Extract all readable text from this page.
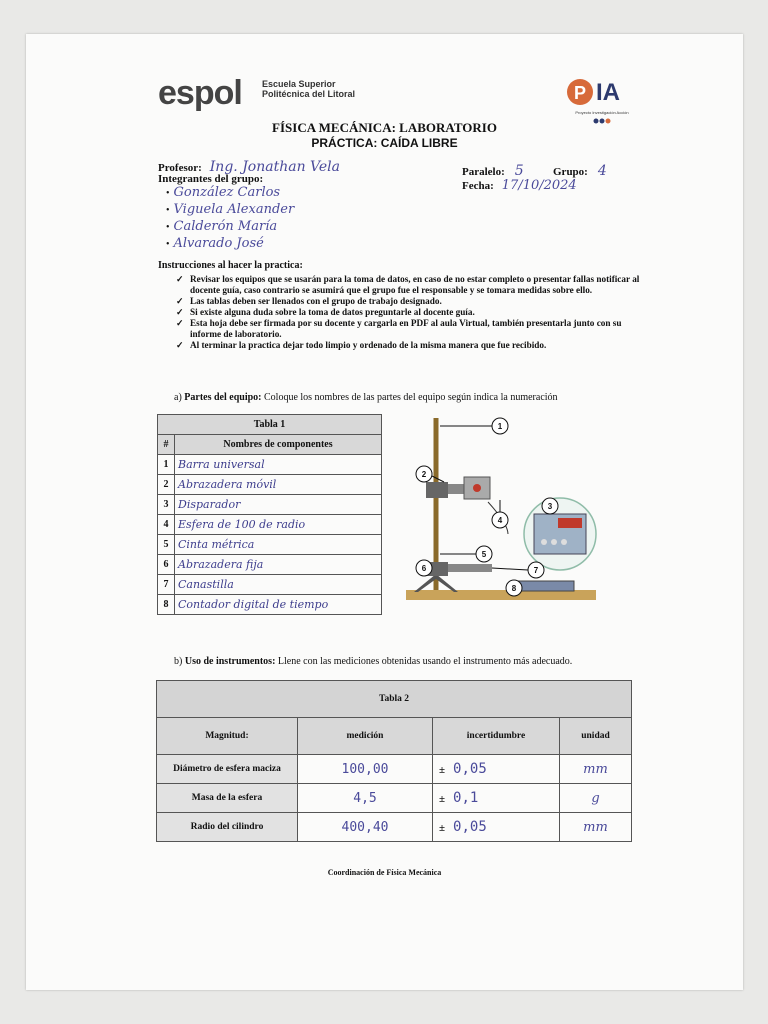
espol Escuela Superior
Politécnica del Litoral	P IA
Proyecto Investigación Acción
FÍSICA MECÁNICA: LABORATORIO
PRÁCTICA: CAÍDA LIBRE
Profesor: Ing. Jonathan Vela
Integrantes del grupo:
• González Carlos
• Viguela Alexander
• Calderón María
• Alvarado José
Paralelo: 5	Grupo: 4
Fecha: 17/10/2024
Instrucciones al hacer la practica:
✓ Revisar los equipos que se usarán para la toma de datos, en caso de no estar completo o presentar fallas notificar al docente guía, caso contrario se asumirá que el grupo fue el responsable y se tomara medidas sobre ello.
✓ Las tablas deben ser llenados con el grupo de trabajo designado.
✓ Si existe alguna duda sobre la toma de datos preguntarle al docente guía.
✓ Esta hoja debe ser firmada por su docente y cargarla en PDF al aula Virtual, también presentarla junto con su informe de laboratorio.
✓ Al terminar la practica dejar todo limpio y ordenado de la misma manera que fue recibido.
a) Partes del equipo: Coloque los nombres de las partes del equipo según indica la numeración
Tabla 1	
#	Nombres de componentes
1	Barra universal
2	Abrazadera móvil
3	Disparador
4	Esfera de 100 de radio
5	Cinta métrica
6	Abrazadera fija
7	Canastilla
8	Contador digital de tiempo
1
2
3
4
5
6	7
8
b) Uso de instrumentos: Llene con las mediciones obtenidas usando el instrumento más adecuado.
Tabla 2			
Magnitud:	medición	incertidumbre	unidad
Diámetro de esfera maciza	100,00	± 0,05	mm
Masa de la esfera	4,5	± 0,1	g
Radio del cilindro	400,40	± 0,05	mm
Coordinación de Física Mecánica
